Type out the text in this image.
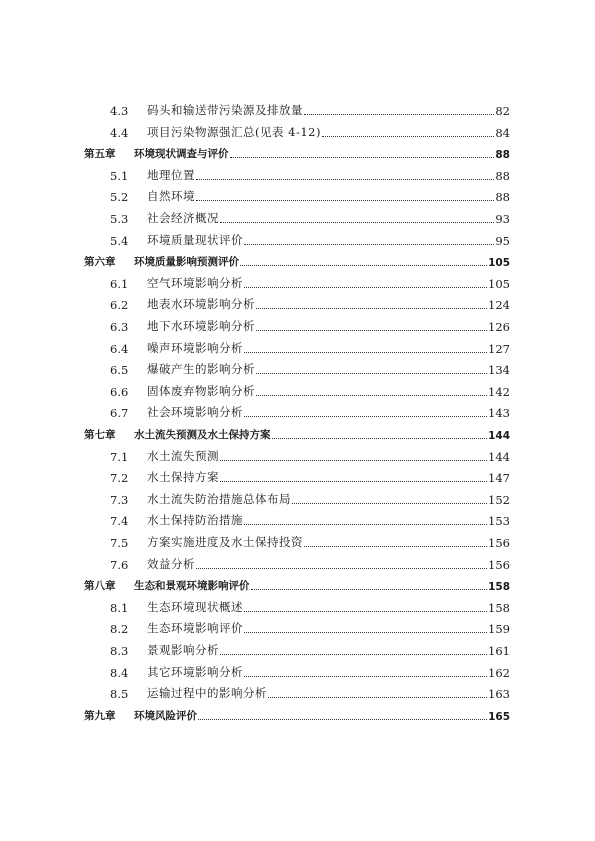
4.3	码头和输送带污染源及排放量	82
4.4	项目污染物源强汇总(见表 4-12)	84
第五章	环境现状调查与评价	88
5.1	地理位置	88
5.2	自然环境	88
5.3	社会经济概况	93
5.4	环境质量现状评价	95
第六章	环境质量影响预测评价	105
6.1	空气环境影响分析	105
6.2	地表水环境影响分析	124
6.3	地下水环境影响分析	126
6.4	噪声环境影响分析	127
6.5	爆破产生的影响分析	134
6.6	固体废弃物影响分析	142
6.7	社会环境影响分析	143
第七章	水土流失预测及水土保持方案	144
7.1	水土流失预测	144
7.2	水土保持方案	147
7.3	水土流失防治措施总体布局	152
7.4	水土保持防治措施	153
7.5	方案实施进度及水土保持投资	156
7.6	效益分析	156
第八章	生态和景观环境影响评价	158
8.1	生态环境现状概述	158
8.2	生态环境影响评价	159
8.3	景观影响分析	161
8.4	其它环境影响分析	162
8.5	运输过程中的影响分析	163
第九章	环境风险评价	165
